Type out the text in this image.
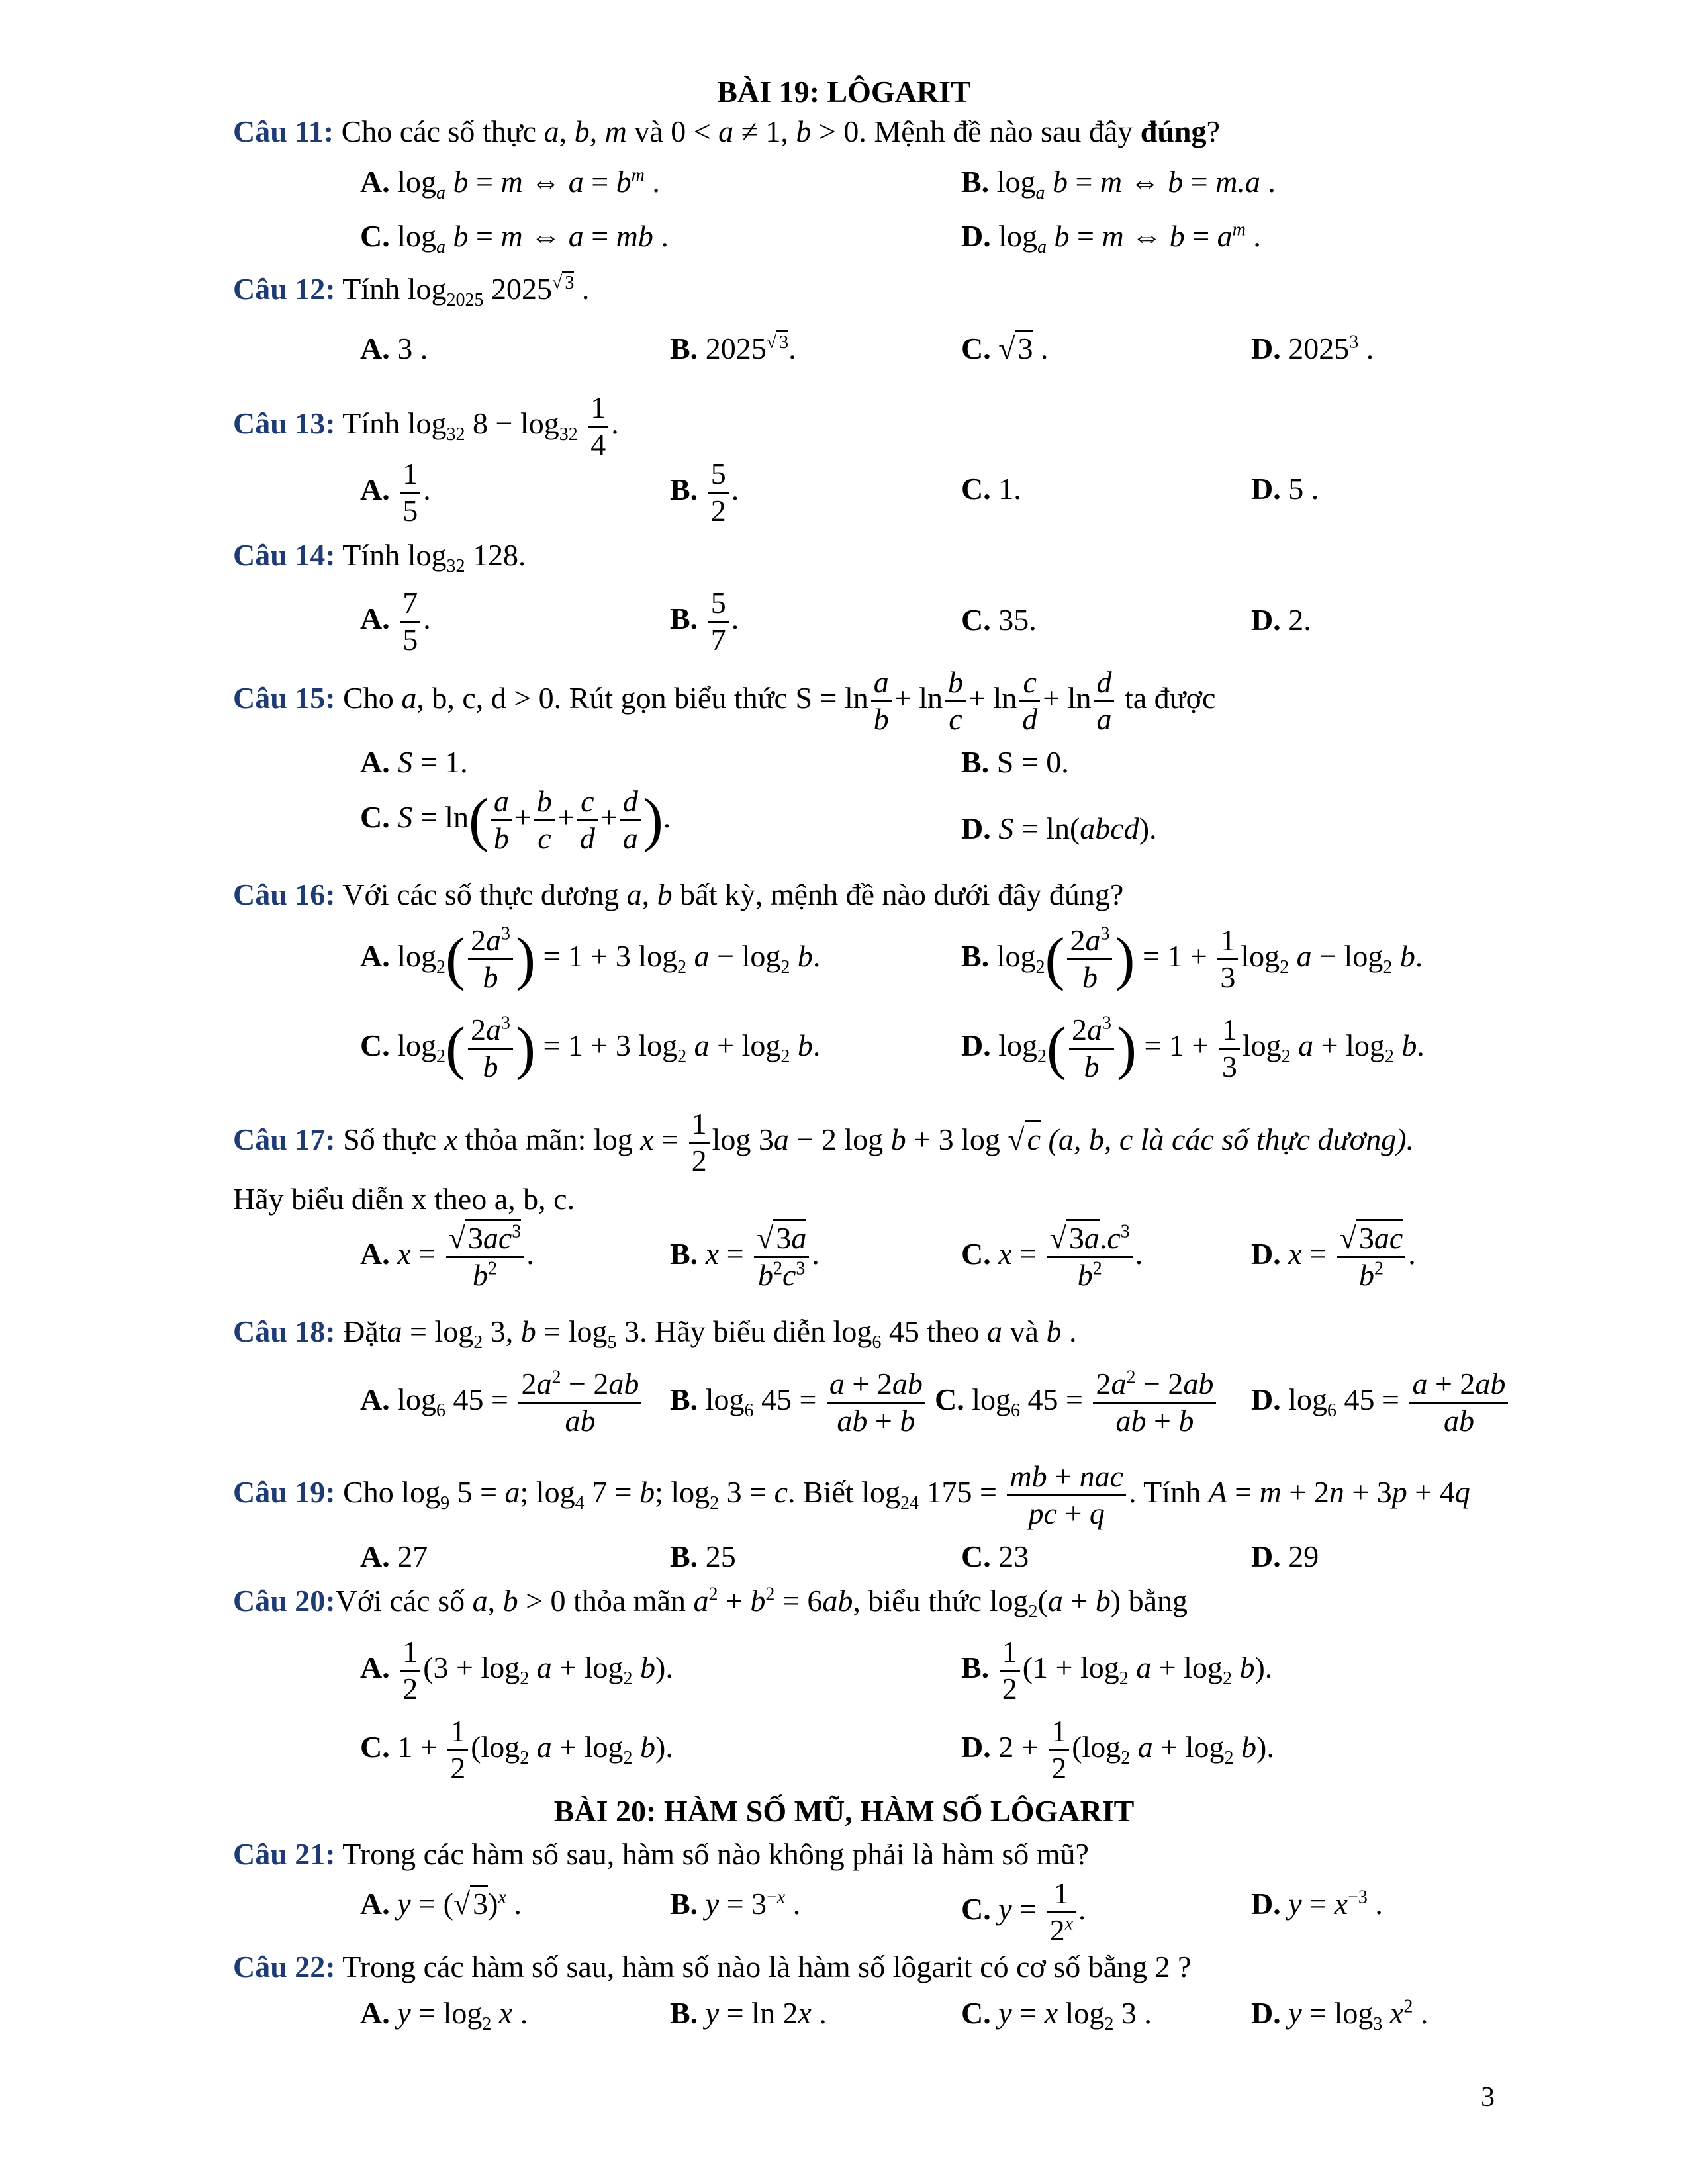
BÀI 19: LÔGARIT
Câu 11: Cho các số thực a, b, m và 0 < a ≠ 1, b > 0. Mệnh đề nào sau đây đúng?
A. $\log_a b = m$ ⇔ $a = b^m$ .	B. $\log_a b = m$ ⇔ b = m.a .
C. $\log_a b = m$ ⇔ a = mb .	D. $\log_a b = m$ ⇔ $b = a^m$ .
Câu 12: Tính $\log_{2025} 2025^{√ 3}$ .
A. 3 .	B. $2025^{√ 3}$.	C. √3 .	D. 2025$^3$ .
Câu 13: Tính $\log_{32} 8 - \log_{32} \frac{1}{4}$ .
A. $\frac{1}{5}$ .	B. $\frac{5}{2}$ .	C. 1.	D. 5 .
Câu 14: Tính $\log_{32} 128$.
A. $\frac{7}{5}$ .	B. $\frac{5}{7}$ .	C. 35.	D. 2.
Câu 15: Cho a, b, c, d > 0. Rút gọn biểu thức $S = \ln \frac{a}{b} + \ln \frac{b}{c} + \ln \frac{c}{d} + \ln \frac{d}{a}$ ta được
A. S = 1.	B. S = 0.
C. $S = \ln( \frac{a}{b} + \frac{b}{c} + \frac{c}{d} + \frac{d}{a}$ ).	D. S = ln(abcd).
Câu 16: Với các số thực dương a, b bất kỳ, mệnh đề nào dưới đây đúng?
A. $\log_2( \frac{2a^3}{b}$ ) = 1 + 3 $\log_2 a - \log_2 b$.	B. $\log_2( \frac{2a^3}{b}$ ) = $1 + \frac{1}{3} \log_2 a - \log_2 b$.
C. $\log_2( \frac{2a^3}{b}$ ) = 1 + 3 $\log_2 a + \log_2 b$.	D. $\log_2( \frac{2a^3}{b}$ ) = $1 + \frac{1}{3} \log_2 a + \log_2 b$.
Câu 17: Số thực x thỏa mãn: $\log x = \frac{1}{2}$ log 3a − 2 log b + 3 log √c (a, b, c là các số thực dương).
Hãy biểu diễn x theo a, b, c.
A. $x = \frac{√3ac^3}{b^2}$ .	B. $x = \frac{√3a}{b^2c^3}$ .	C. $x = \frac{√3a.c^3}{b^2}$ .	D. $x = \frac{√3ac}{b^2}$ .
Câu 18: Đặta = $\log_2 3$, $b = \log_5 3$. Hãy biểu diễn $\log_6 45$ theo a và b .
A. $\log_6 45 = \frac{2a^2 - 2ab}{ab} B$. $\log_6 45 = \frac{a + 2ab}{ab + b} C$. $\log_6 45 = \frac{2a^2 - 2ab}{ab + b} D$. $\log_6 45 = \frac{a + 2ab}{ab}$
Câu 19: Cho $\log_9 5 = a$; $\log_4 7 = b$; $\log_2 3 = c$. Biết $\log_{24} 175$ = mb + nac
pc + q
. Tính A = m + 2n + 3p + 4q
A. 27	B. 25	C. 23	D. 29
Câu 20:Với các số a, b > 0 thỏa mãn $a^2 + b^2 = 6ab$, biểu thức $\log_2(a + b)$ bằng
A. $\frac{1}{2} (3 + \log_2 a + \log_2 b)$.	B. $\frac{1}{2} (1 + \log_2 a + \log_2 b)$.
C. $1 + \frac{1}{2} (\log_2$ $a + \log_2 b$).	D. $2 + \frac{1}{2} (\log_2$ $a + \log_2 b$).
BÀI 20: HÀM SỐ MŨ, HÀM SỐ LÔGARIT
Câu 21: Trong các hàm số sau, hàm số nào không phải là hàm số mũ?
A. $y = (√3)^x$ .	B. $y = 3^{-x}$ .	C. $y = \frac{1}{2^x}$ .	D. $y = x^{-3}$ .
Câu 22: Trong các hàm số sau, hàm số nào là hàm số lôgarit có cơ số bằng 2 ?
A. $y = \log_2 x$ .	B. y = ln 2x .	C. y = x $\log_2 3$ .	D. $y = \log_3 x^2$ .
3
